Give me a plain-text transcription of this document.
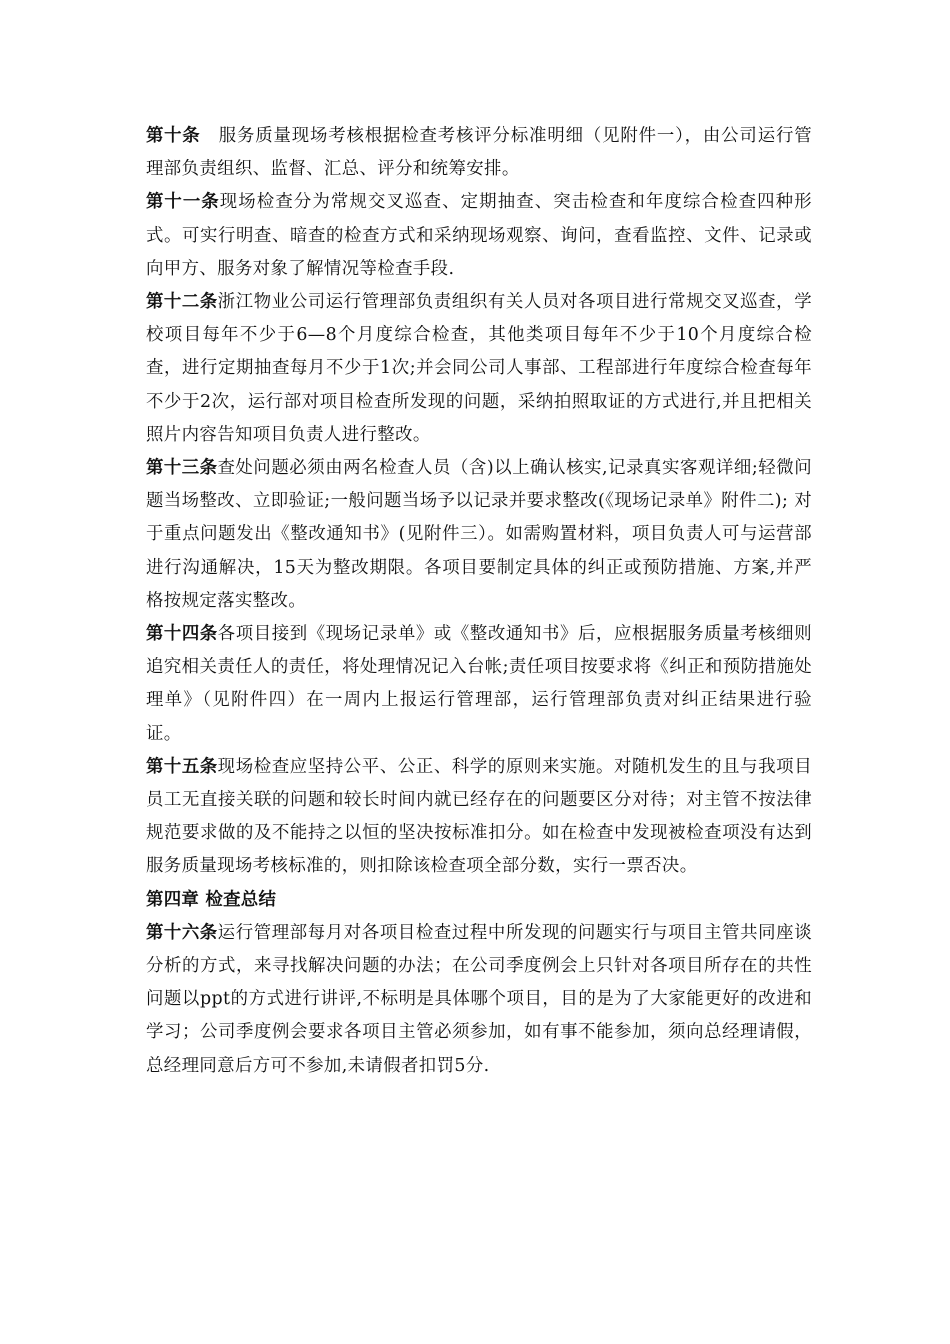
第十条　服务质量现场考核根据检查考核评分标准明细（见附件一），由公司运行管理部负责组织、监督、汇总、评分和统筹安排。

第十一条现场检查分为常规交叉巡查、定期抽查、突击检查和年度综合检查四种形式。可实行明查、暗查的检查方式和采纳现场观察、询问，查看监控、文件、记录或向甲方、服务对象了解情况等检查手段.

第十二条浙江物业公司运行管理部负责组织有关人员对各项目进行常规交叉巡查，学校项目每年不少于6—8个月度综合检查，其他类项目每年不少于10个月度综合检查，进行定期抽查每月不少于1次;并会同公司人事部、工程部进行年度综合检查每年不少于2次，运行部对项目检查所发现的问题，采纳拍照取证的方式进行,并且把相关照片内容告知项目负责人进行整改。

第十三条查处问题必须由两名检查人员（含)以上确认核实,记录真实客观详细;轻微问题当场整改、立即验证;一般问题当场予以记录并要求整改(《现场记录单》附件二); 对于重点问题发出《整改通知书》(见附件三）。如需购置材料，项目负责人可与运营部进行沟通解决，15天为整改期限。各项目要制定具体的纠正或预防措施、方案,并严格按规定落实整改。

第十四条各项目接到《现场记录单》或《整改通知书》后，应根据服务质量考核细则追究相关责任人的责任，将处理情况记入台帐;责任项目按要求将《纠正和预防措施处理单》（见附件四）在一周内上报运行管理部，运行管理部负责对纠正结果进行验证。

第十五条现场检查应坚持公平、公正、科学的原则来实施。对随机发生的且与我项目员工无直接关联的问题和较长时间内就已经存在的问题要区分对待；对主管不按法律规范要求做的及不能持之以恒的坚决按标准扣分。如在检查中发现被检查项没有达到服务质量现场考核标准的，则扣除该检查项全部分数，实行一票否决。

第四章 检查总结

第十六条运行管理部每月对各项目检查过程中所发现的问题实行与项目主管共同座谈分析的方式，来寻找解决问题的办法；在公司季度例会上只针对各项目所存在的共性问题以ppt的方式进行讲评,不标明是具体哪个项目，目的是为了大家能更好的改进和学习；公司季度例会要求各项目主管必须参加，如有事不能参加，须向总经理请假，总经理同意后方可不参加,未请假者扣罚5分.
